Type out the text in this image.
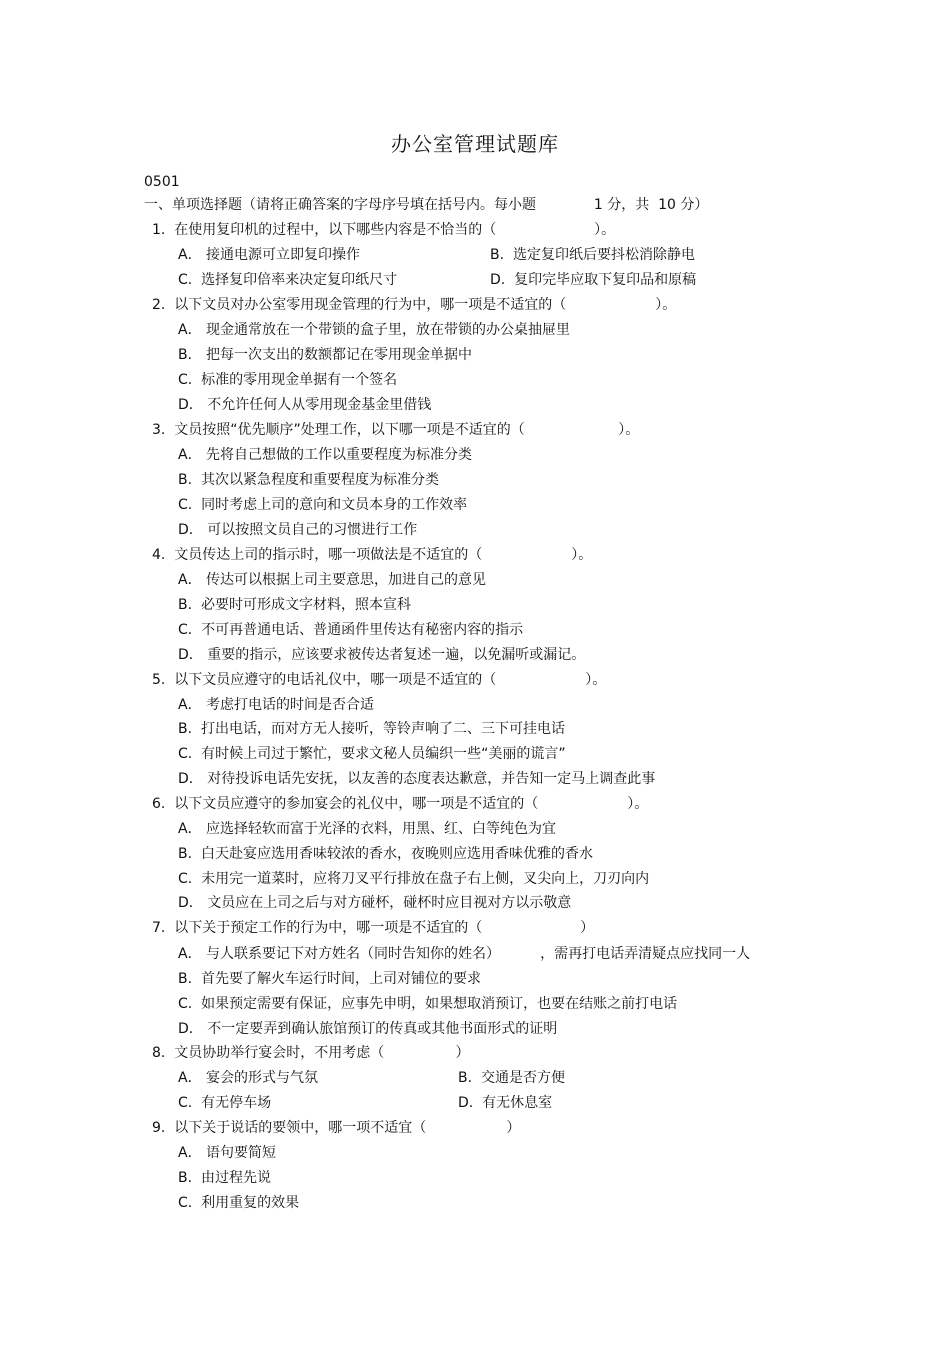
办公室管理试题库
0501
一、单项选择题（请将正确答案的字母序号填在括号内。每小题             1 分，共  10 分）
1.  在使用复印机的过程中，以下哪些内容是不恰当的（                      ）。
A． 接通电源可立即复印操作	B.  选定复印纸后要抖松消除静电
C.  选择复印倍率来决定复印纸尺寸	D.  复印完毕应取下复印品和原稿
2.  以下文员对办公室零用现金管理的行为中，哪一项是不适宜的（                    ）。
A． 现金通常放在一个带锁的盒子里，放在带锁的办公桌抽屉里
B． 把每一次支出的数额都记在零用现金单据中
C.  标准的零用现金单据有一个签名
D． 不允许任何人从零用现金基金里借钱
3.  文员按照“优先顺序”处理工作，以下哪一项是不适宜的（                     ）。
A． 先将自己想做的工作以重要程度为标准分类
B.  其次以紧急程度和重要程度为标准分类
C.  同时考虑上司的意向和文员本身的工作效率
D． 可以按照文员自己的习惯进行工作
4.  文员传达上司的指示时，哪一项做法是不适宜的（                    ）。
A． 传达可以根据上司主要意思，加进自己的意见
B.  必要时可形成文字材料，照本宣科
C.  不可再普通电话、普通函件里传达有秘密内容的指示
D． 重要的指示，应该要求被传达者复述一遍，以免漏听或漏记。
5.  以下文员应遵守的电话礼仪中，哪一项是不适宜的（                    ）。
A． 考虑打电话的时间是否合适
B.  打出电话，而对方无人接听，等铃声响了二、三下可挂电话
C.  有时候上司过于繁忙，要求文秘人员编织一些“美丽的谎言”
D． 对待投诉电话先安抚，以友善的态度表达歉意，并告知一定马上调查此事
6.  以下文员应遵守的参加宴会的礼仪中，哪一项是不适宜的（                    ）。
A． 应选择轻软而富于光泽的衣料，用黑、红、白等纯色为宜
B.  白天赴宴应选用香味较浓的香水，夜晚则应选用香味优雅的香水
C.  未用完一道菜时，应将刀叉平行排放在盘子右上侧，叉尖向上，刀刃向内
D． 文员应在上司之后与对方碰杯，碰杯时应目视对方以示敬意
7.  以下关于预定工作的行为中，哪一项是不适宜的（                      ）
A． 与人联系要记下对方姓名（同时告知你的姓名）         ，需再打电话弄清疑点应找同一人
B.  首先要了解火车运行时间，上司对铺位的要求
C.  如果预定需要有保证，应事先申明，如果想取消预订，也要在结账之前打电话
D． 不一定要弄到确认旅馆预订的传真或其他书面形式的证明
8.  文员协助举行宴会时，不用考虑（                ）
A． 宴会的形式与气氛	B.  交通是否方便
C.  有无停车场	D.  有无休息室
9.  以下关于说话的要领中，哪一项不适宜（                  ）
A． 语句要简短
B.  由过程先说
C.  利用重复的效果
